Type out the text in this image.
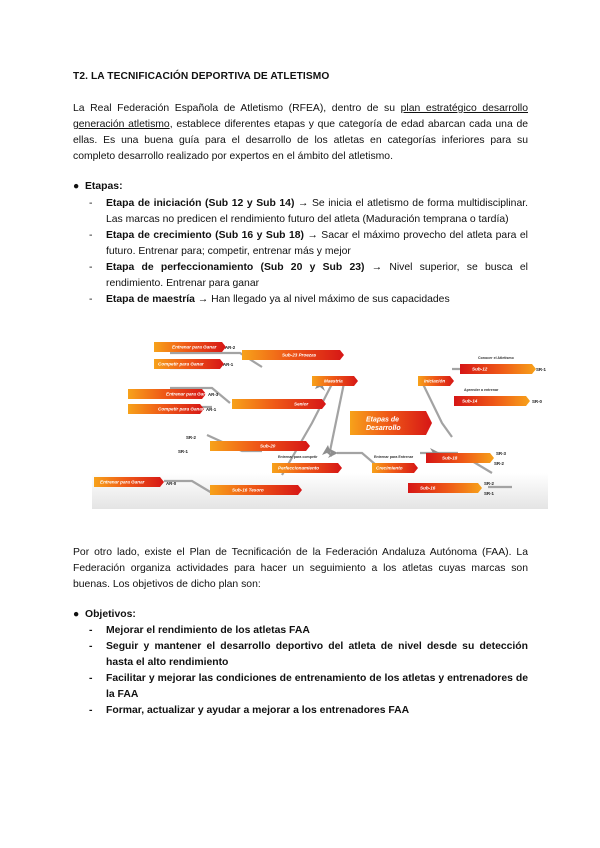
T2. LA TECNIFICACIÓN DEPORTIVA DE ATLETISMO
La Real Federación Española de Atletismo (RFEA), dentro de su plan estratégico desarrollo generación atletismo, establece diferentes etapas y que categoría de edad abarcan cada una de ellas. Es una buena guía para el desarrollo de los atletas en categorías inferiores para su completo desarrollo realizado por expertos en el ámbito del atletismo.
● Etapas:
- Etapa de iniciación (Sub 12 y Sub 14) → Se inicia el atletismo de forma multidisciplinar. Las marcas no predicen el rendimiento futuro del atleta (Maduración temprana o tardía)
- Etapa de crecimiento (Sub 16 y Sub 18) → Sacar el máximo provecho del atleta para el futuro. Entrenar para; competir, entrenar más y mejor
- Etapa de perfeccionamiento (Sub 20 y Sub 23) → Nivel superior, se busca el rendimiento. Entrenar para ganar
- Etapa de maestría → Han llegado ya al nivel máximo de sus capacidades
Entrenar para Ganar AR-2
Competir para Ganar	AR-1
Entrenar para Ganar
AR-3
Competir para Ganar AR-1
SR-2
SR-1
Entrenar para Ganar	AR-0
Sub-23 Proezas
Maestría
Senior
Sub-20
Entrenar para competir
Perfeccionamiento
Sub-16 Tesoro
Etapas de
Desarrollo
Iniciación
Conocer el Atletismo
Sub-12	SR-1
Aprender a entrenar
Sub-14	SR-0
Entrenar para Entrenar
Crecimiento
Sub-18
SR-3
SR-2
Sub-16
SR-2
SR-1
Por otro lado, existe el Plan de Tecnificación de la Federación Andaluza Autónoma (FAA). La Federación organiza actividades para hacer un seguimiento a los atletas cuyas marcas son buenas. Los objetivos de dicho plan son:
● Objetivos:
- Mejorar el rendimiento de los atletas FAA
- Seguir y mantener el desarrollo deportivo del atleta de nivel desde su detección hasta el alto rendimiento
- Facilitar y mejorar las condiciones de entrenamiento de los atletas y entrenadores de la FAA
- Formar, actualizar y ayudar a mejorar a los entrenadores FAA
